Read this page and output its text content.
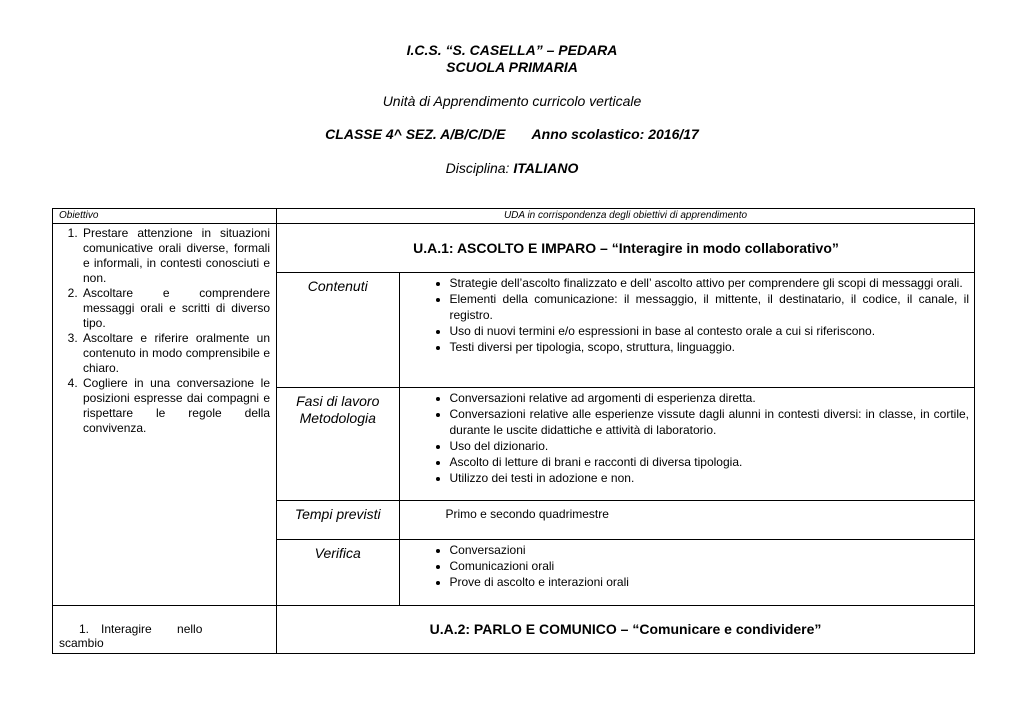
I.C.S. “S. CASELLA” – PEDARA
SCUOLA PRIMARIA
Unità di Apprendimento curricolo verticale
CLASSE 4^ SEZ. A/B/C/D/E Anno scolastico: 2016/17
Disciplina: ITALIANO
Obiettivo	UDA in corrispondenza degli obiettivi di apprendimento

1. Prestare attenzione in situazioni comunicative orali diverse, formali e informali, in contesti conosciuti e non.
2. Ascoltare e comprendere messaggi orali e scritti di diverso tipo.
3. Ascoltare e riferire oralmente un contenuto in modo comprensibile e chiaro.
4. Cogliere in una conversazione le posizioni espresse dai compagni e rispettare le regole della convivenza.

U.A.1: ASCOLTO E IMPARO – “Interagire in modo collaborativo”
Contenuti	
•Strategie dell’ascolto finalizzato e dell’ ascolto attivo per comprendere gli scopi di messaggi orali.
• Elementi della comunicazione: il messaggio, il mittente, il destinatario, il codice, il canale, il registro.
• Uso di nuovi termini e/o espressioni in base al contesto orale a cui si riferiscono.
• Testi diversi per tipologia, scopo, struttura, linguaggio.

Fasi di lavoro
Metodologia

• Conversazioni relative ad argomenti di esperienza diretta.
• Conversazioni relative alle esperienze vissute dagli alunni in contesti diversi: in classe, in cortile, durante le uscite didattiche e attività di laboratorio.
• Uso del dizionario.
• Ascolto di letture di brani e racconti di diversa tipologia.
• Utilizzo dei testi in adozione e non.

Tempi previsti	Primo e secondo quadrimestre

Verifica	
•Conversazioni
• Comunicazioni orali
• Prove di ascolto e interazioni orali

1. Interagire nello scambio	U.A.2: PARLO E COMUNICO – “Comunicare e condividere”
